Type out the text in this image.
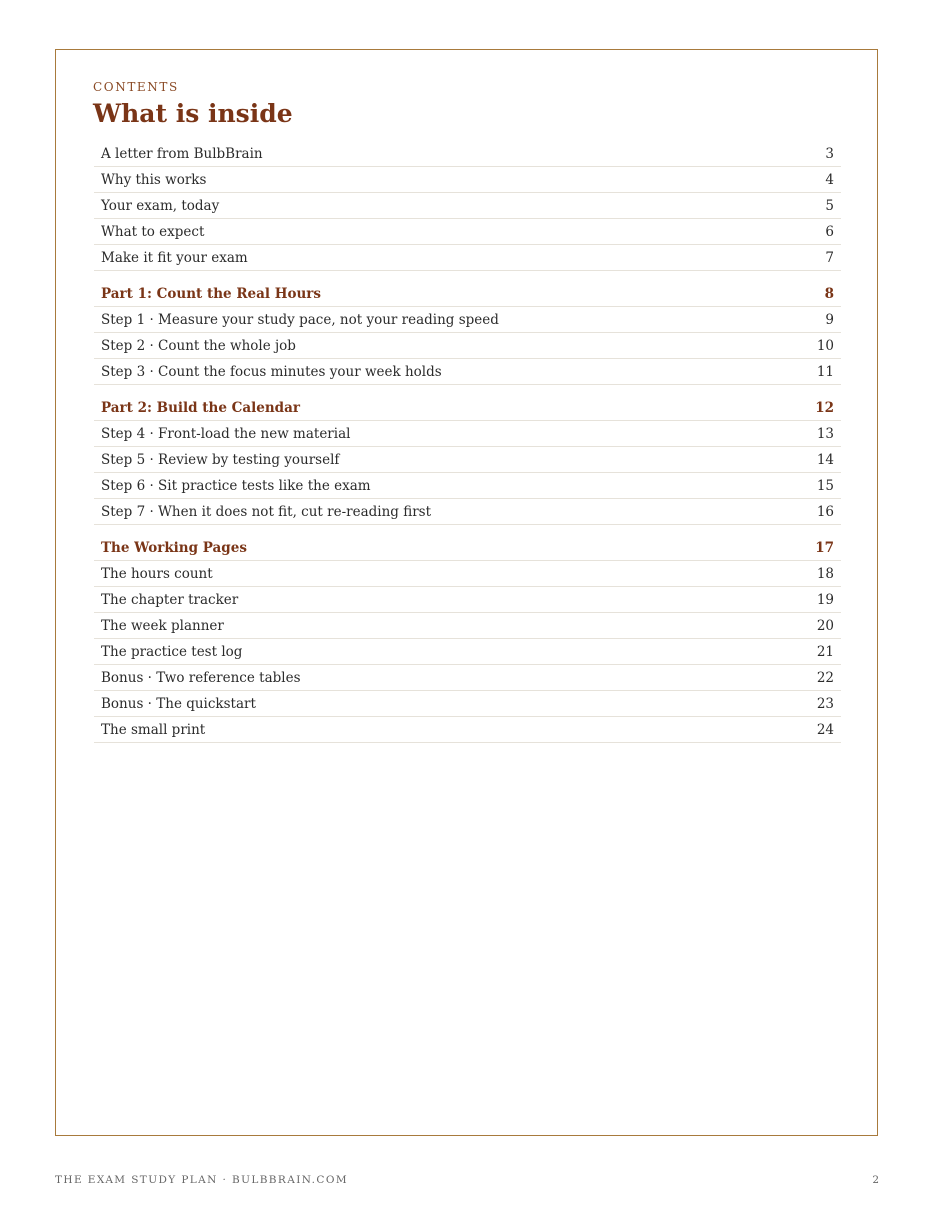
CONTENTS
What is inside
A letter from BulbBrain	3
Why this works	4
Your exam, today	5
What to expect	6
Make it fit your exam	7
Part 1: Count the Real Hours	8
Step 1 · Measure your study pace, not your reading speed	9
Step 2 · Count the whole job	10
Step 3 · Count the focus minutes your week holds	11
Part 2: Build the Calendar	12
Step 4 · Front-load the new material	13
Step 5 · Review by testing yourself	14
Step 6 · Sit practice tests like the exam	15
Step 7 · When it does not fit, cut re-reading first	16
The Working Pages	17
The hours count	18
The chapter tracker	19
The week planner	20
The practice test log	21
Bonus · Two reference tables	22
Bonus · The quickstart	23
The small print	24
THE EXAM STUDY PLAN · BULBBRAIN.COM	2
